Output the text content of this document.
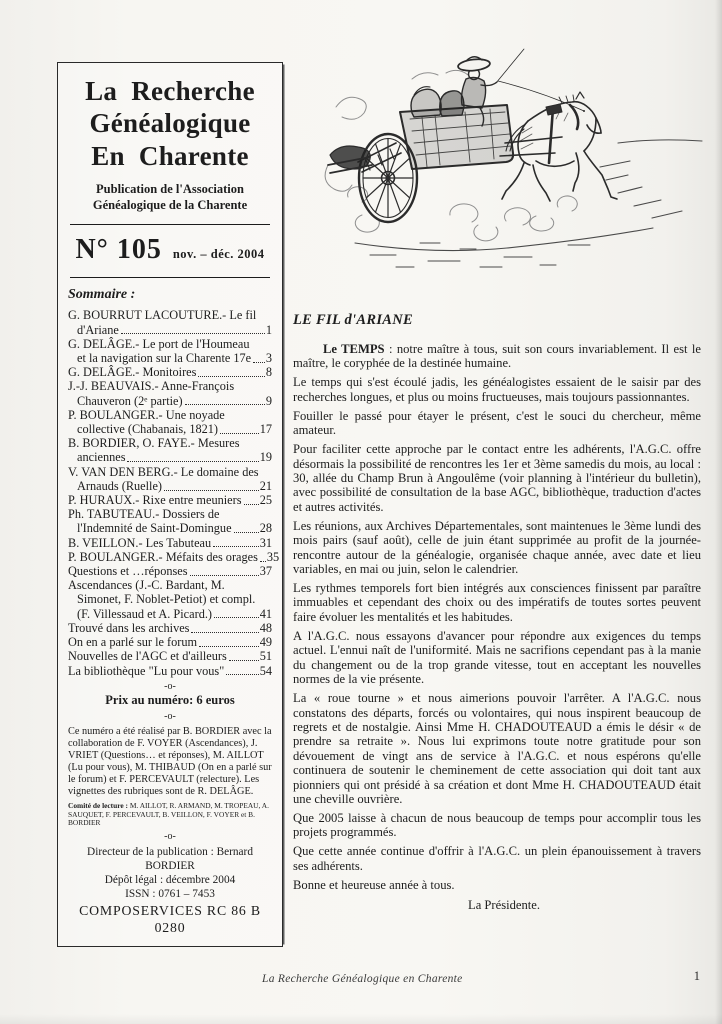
La Recherche
Généalogique
En Charente
Publication de l'Association
Généalogique de la Charente
N° 105 nov. – déc. 2004
Sommaire :
G. BOURRUT LACOUTURE.- Le fil
d'Ariane	1
G. DELÂGE.- Le port de l'Houmeau
et la navigation sur la Charente 17e 3
G. DELÂGE.- Monitoires	8
J.-J. BEAUVAIS.- Anne-François
Chauveron (2ᵉ partie)	9
P. BOULANGER.- Une noyade
collective (Chabanais, 1821)	17
B. BORDIER, O. FAYE.- Mesures
anciennes	19
V. VAN DEN BERG.- Le domaine des
Arnauds (Ruelle)	21
P. HURAUX.- Rixe entre meuniers 25
Ph. TABUTEAU.- Dossiers de
l'Indemnité de Saint-Domingue 28
B. VEILLON.- Les Tabuteau	31
P. BOULANGER.- Méfaits des orages 35
Questions et …réponses	37
Ascendances (J.-C. Bardant, M.
Simonet, F. Noblet-Petiot) et compl.
(F. Villessaud et A. Picard.)	41
Trouvé dans les archives	48
On en a parlé sur le forum	49
Nouvelles de l'AGC et d'ailleurs	51
La bibliothèque "Lu pour vous"	54
-o-
Prix au numéro: 6 euros
-o-
Ce numéro a été réalisé par B. BORDIER avec la collaboration de F. VOYER (Ascendances), J. VRIET (Questions… et réponses), M. AILLOT (Lu pour vous), M. THIBAUD (On en a parlé sur le forum) et F. PERCEVAULT (relecture). Les vignettes des rubriques sont de R. DELÂGE.
Comité de lecture : M. AILLOT, R. ARMAND, M. TROPEAU, A. SAUQUET, F. PERCEVAULT, B. VEILLON, F. VOYER et B. BORDIER
-o-
Directeur de la publication : Bernard BORDIER
Dépôt légal : décembre 2004
ISSN : 0761 – 7453
COMPOSERVICES RC 86 B 0280
LE FIL d'ARIANE

Le TEMPS : notre maître à tous, suit son cours invariablement. Il est le maître, le coryphée de la destinée humaine.

Le temps qui s'est écoulé jadis, les généalogistes essaient de le saisir par des recherches longues, et plus ou moins fructueuses, mais toujours passionnantes.

Fouiller le passé pour étayer le présent, c'est le souci du chercheur, même amateur.

Pour faciliter cette approche par le contact entre les adhérents, l'A.G.C. offre désormais la possibilité de rencontres les 1er et 3ème samedis du mois, au local : 30, allée du Champ Brun à Angoulême (voir planning à l'intérieur du bulletin), avec possibilité de consultation de la base AGC, bibliothèque, traduction d'actes et autres activités.

Les réunions, aux Archives Départementales, sont maintenues le 3ème lundi des mois pairs (sauf août), celle de juin étant supprimée au profit de la journée-rencontre autour de la généalogie, organisée chaque année, avec date et lieu variables, en mai ou juin, selon le calendrier.

Les rythmes temporels fort bien intégrés aux consciences finissent par paraître immuables et cependant des choix ou des impératifs de toutes sortes peuvent faire évoluer les mentalités et les habitudes.

A l'A.G.C. nous essayons d'avancer pour répondre aux exigences du temps actuel. L'ennui naît de l'uniformité. Mais ne sacrifions cependant pas à la manie du changement ou de la trop grande vitesse, tout en acceptant les nouvelles normes de la vie présente.

La « roue tourne » et nous aimerions pouvoir l'arrêter. A l'A.G.C. nous constatons des départs, forcés ou volontaires, qui nous inspirent beaucoup de regrets et de nostalgie. Ainsi Mme H. CHADOUTEAUD a émis le désir « de prendre sa retraite ». Nous lui exprimons toute notre gratitude pour son dévouement de vingt ans de service à l'A.G.C. et nous espérons qu'elle continuera de soutenir le cheminement de cette association qui doit tant aux pionniers qui ont présidé à sa création et dont Mme H. CHADOUTEAUD était une cheville ouvrière.

Que 2005 laisse à chacun de nous beaucoup de temps pour accomplir tous les projets programmés.

Que cette année continue d'offrir à l'A.G.C. un plein épanouissement à travers ses adhérents.

Bonne et heureuse année à tous.

La Présidente.
La Recherche Généalogique en Charente	1
